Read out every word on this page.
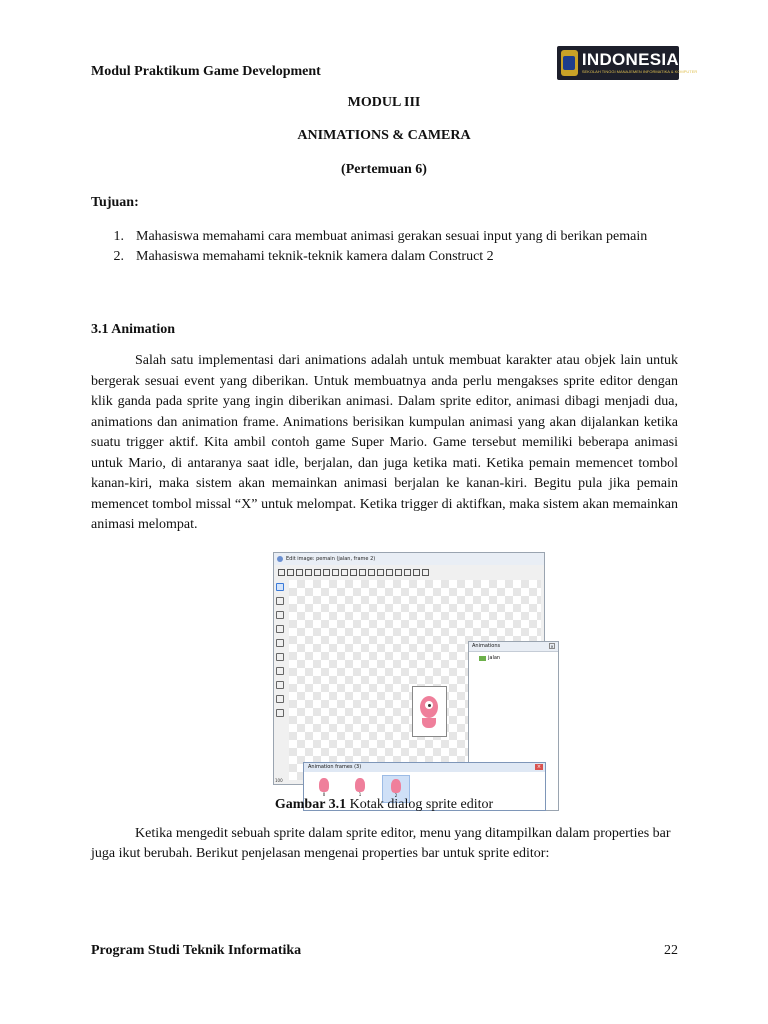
Modul Praktikum Game Development
INDONESIA
SEKOLAH TINGGI MANAJEMEN INFORMATIKA & KOMPUTER
MODUL III
ANIMATIONS & CAMERA
(Pertemuan 6)
Tujuan:
1. Mahasiswa memahami cara membuat animasi gerakan sesuai input yang di berikan pemain
2. Mahasiswa memahami teknik-teknik kamera dalam Construct 2
3.1 Animation

Salah satu implementasi dari animations adalah untuk membuat karakter atau objek lain untuk bergerak sesuai event yang diberikan. Untuk membuatnya anda perlu mengakses sprite editor dengan klik ganda pada sprite yang ingin diberikan animasi. Dalam sprite editor, animasi dibagi menjadi dua, animations dan animation frame. Animations berisikan kumpulan animasi yang akan dijalankan ketika suatu trigger aktif. Kita ambil contoh game Super Mario. Game tersebut memiliki beberapa animasi untuk Mario, di antaranya saat idle, berjalan, dan juga ketika mati. Ketika pemain memencet tombol kanan-kiri, maka sistem akan memainkan animasi berjalan ke kanan-kiri. Begitu pula jika pemain memencet tombol missal “X” untuk melompat. Ketika trigger di aktifkan, maka sistem akan memainkan animasi melompat.

Edit image: pemain (jalan, frame 2)
Animations	×
jalan
Animation frames (3)	×
0	1	2
100
Gambar 3.1 Kotak dialog sprite editor

Ketika mengedit sebuah sprite dalam sprite editor, menu yang ditampilkan dalam properties bar juga ikut berubah. Berikut penjelasan mengenai properties bar untuk sprite editor:

Program Studi Teknik Informatika	22
